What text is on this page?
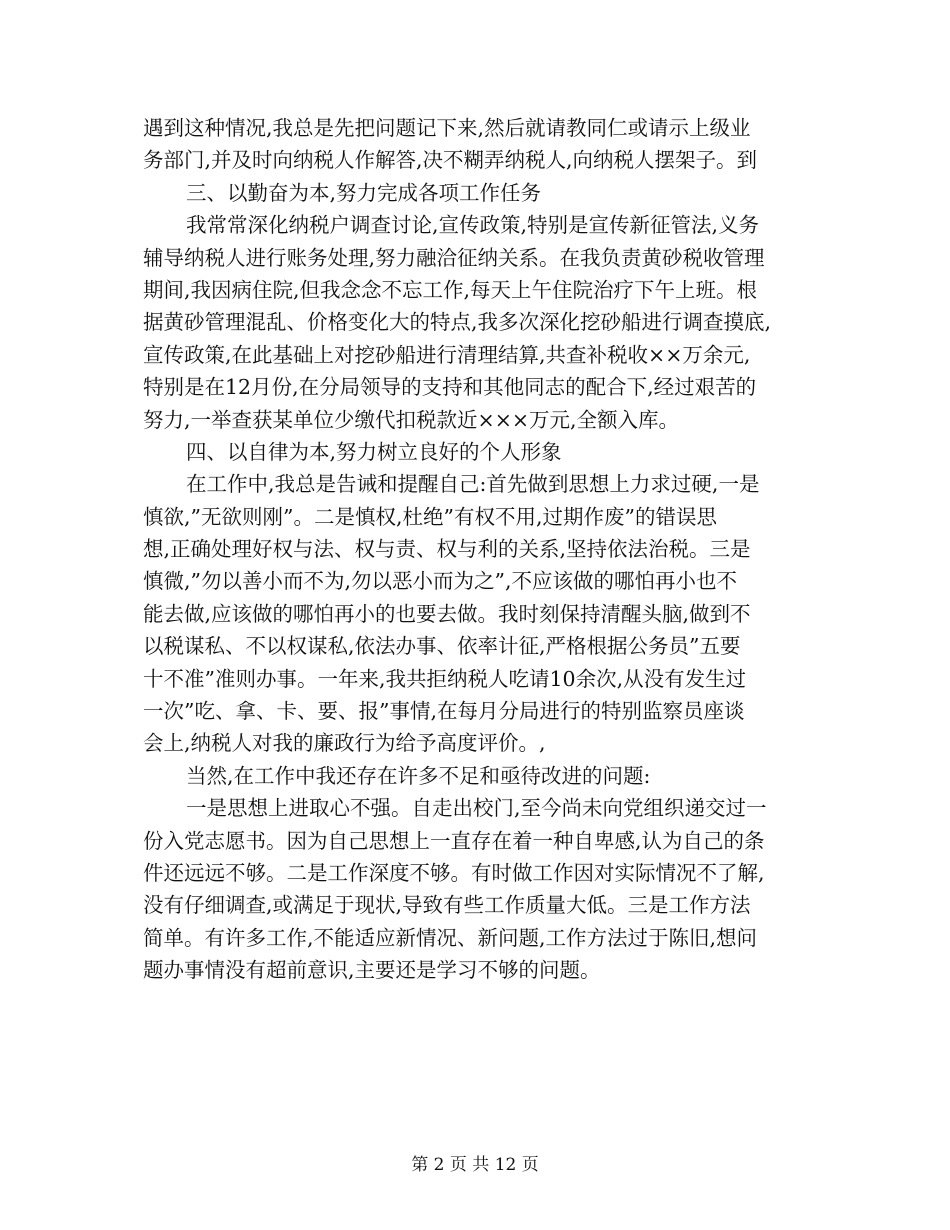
遇到这种情况,我总是先把问题记下来,然后就请教同仁或请示上级业
务部门,并及时向纳税人作解答,决不糊弄纳税人,向纳税人摆架子。到
三、以勤奋为本,努力完成各项工作任务
我常常深化纳税户调查讨论,宣传政策,特别是宣传新征管法,义务
辅导纳税人进行账务处理,努力融洽征纳关系。在我负责黄砂税收管理
期间,我因病住院,但我念念不忘工作,每天上午住院治疗下午上班。根
据黄砂管理混乱、价格变化大的特点,我多次深化挖砂船进行调查摸底,
宣传政策,在此基础上对挖砂船进行清理结算,共查补税收××万余元,
特别是在12月份,在分局领导的支持和其他同志的配合下,经过艰苦的
努力,一举查获某单位少缴代扣税款近×××万元,全额入库。
四、以自律为本,努力树立良好的个人形象
在工作中,我总是告诫和提醒自己:首先做到思想上力求过硬,一是
慎欲,”无欲则刚”。二是慎权,杜绝”有权不用,过期作废”的错误思
想,正确处理好权与法、权与责、权与利的关系,坚持依法治税。三是
慎微,”勿以善小而不为,勿以恶小而为之”,不应该做的哪怕再小也不
能去做,应该做的哪怕再小的也要去做。我时刻保持清醒头脑,做到不
以税谋私、不以权谋私,依法办事、依率计征,严格根据公务员”五要
十不准”准则办事。一年来,我共拒纳税人吃请10余次,从没有发生过
一次”吃、拿、卡、要、报”事情,在每月分局进行的特别监察员座谈
会上,纳税人对我的廉政行为给予高度评价。,
当然,在工作中我还存在许多不足和亟待改进的问题:
一是思想上进取心不强。自走出校门,至今尚未向党组织递交过一
份入党志愿书。因为自己思想上一直存在着一种自卑感,认为自己的条
件还远远不够。二是工作深度不够。有时做工作因对实际情况不了解,
没有仔细调查,或满足于现状,导致有些工作质量大低。三是工作方法
简单。有许多工作,不能适应新情况、新问题,工作方法过于陈旧,想问
题办事情没有超前意识,主要还是学习不够的问题。
第 2 页 共 12 页
